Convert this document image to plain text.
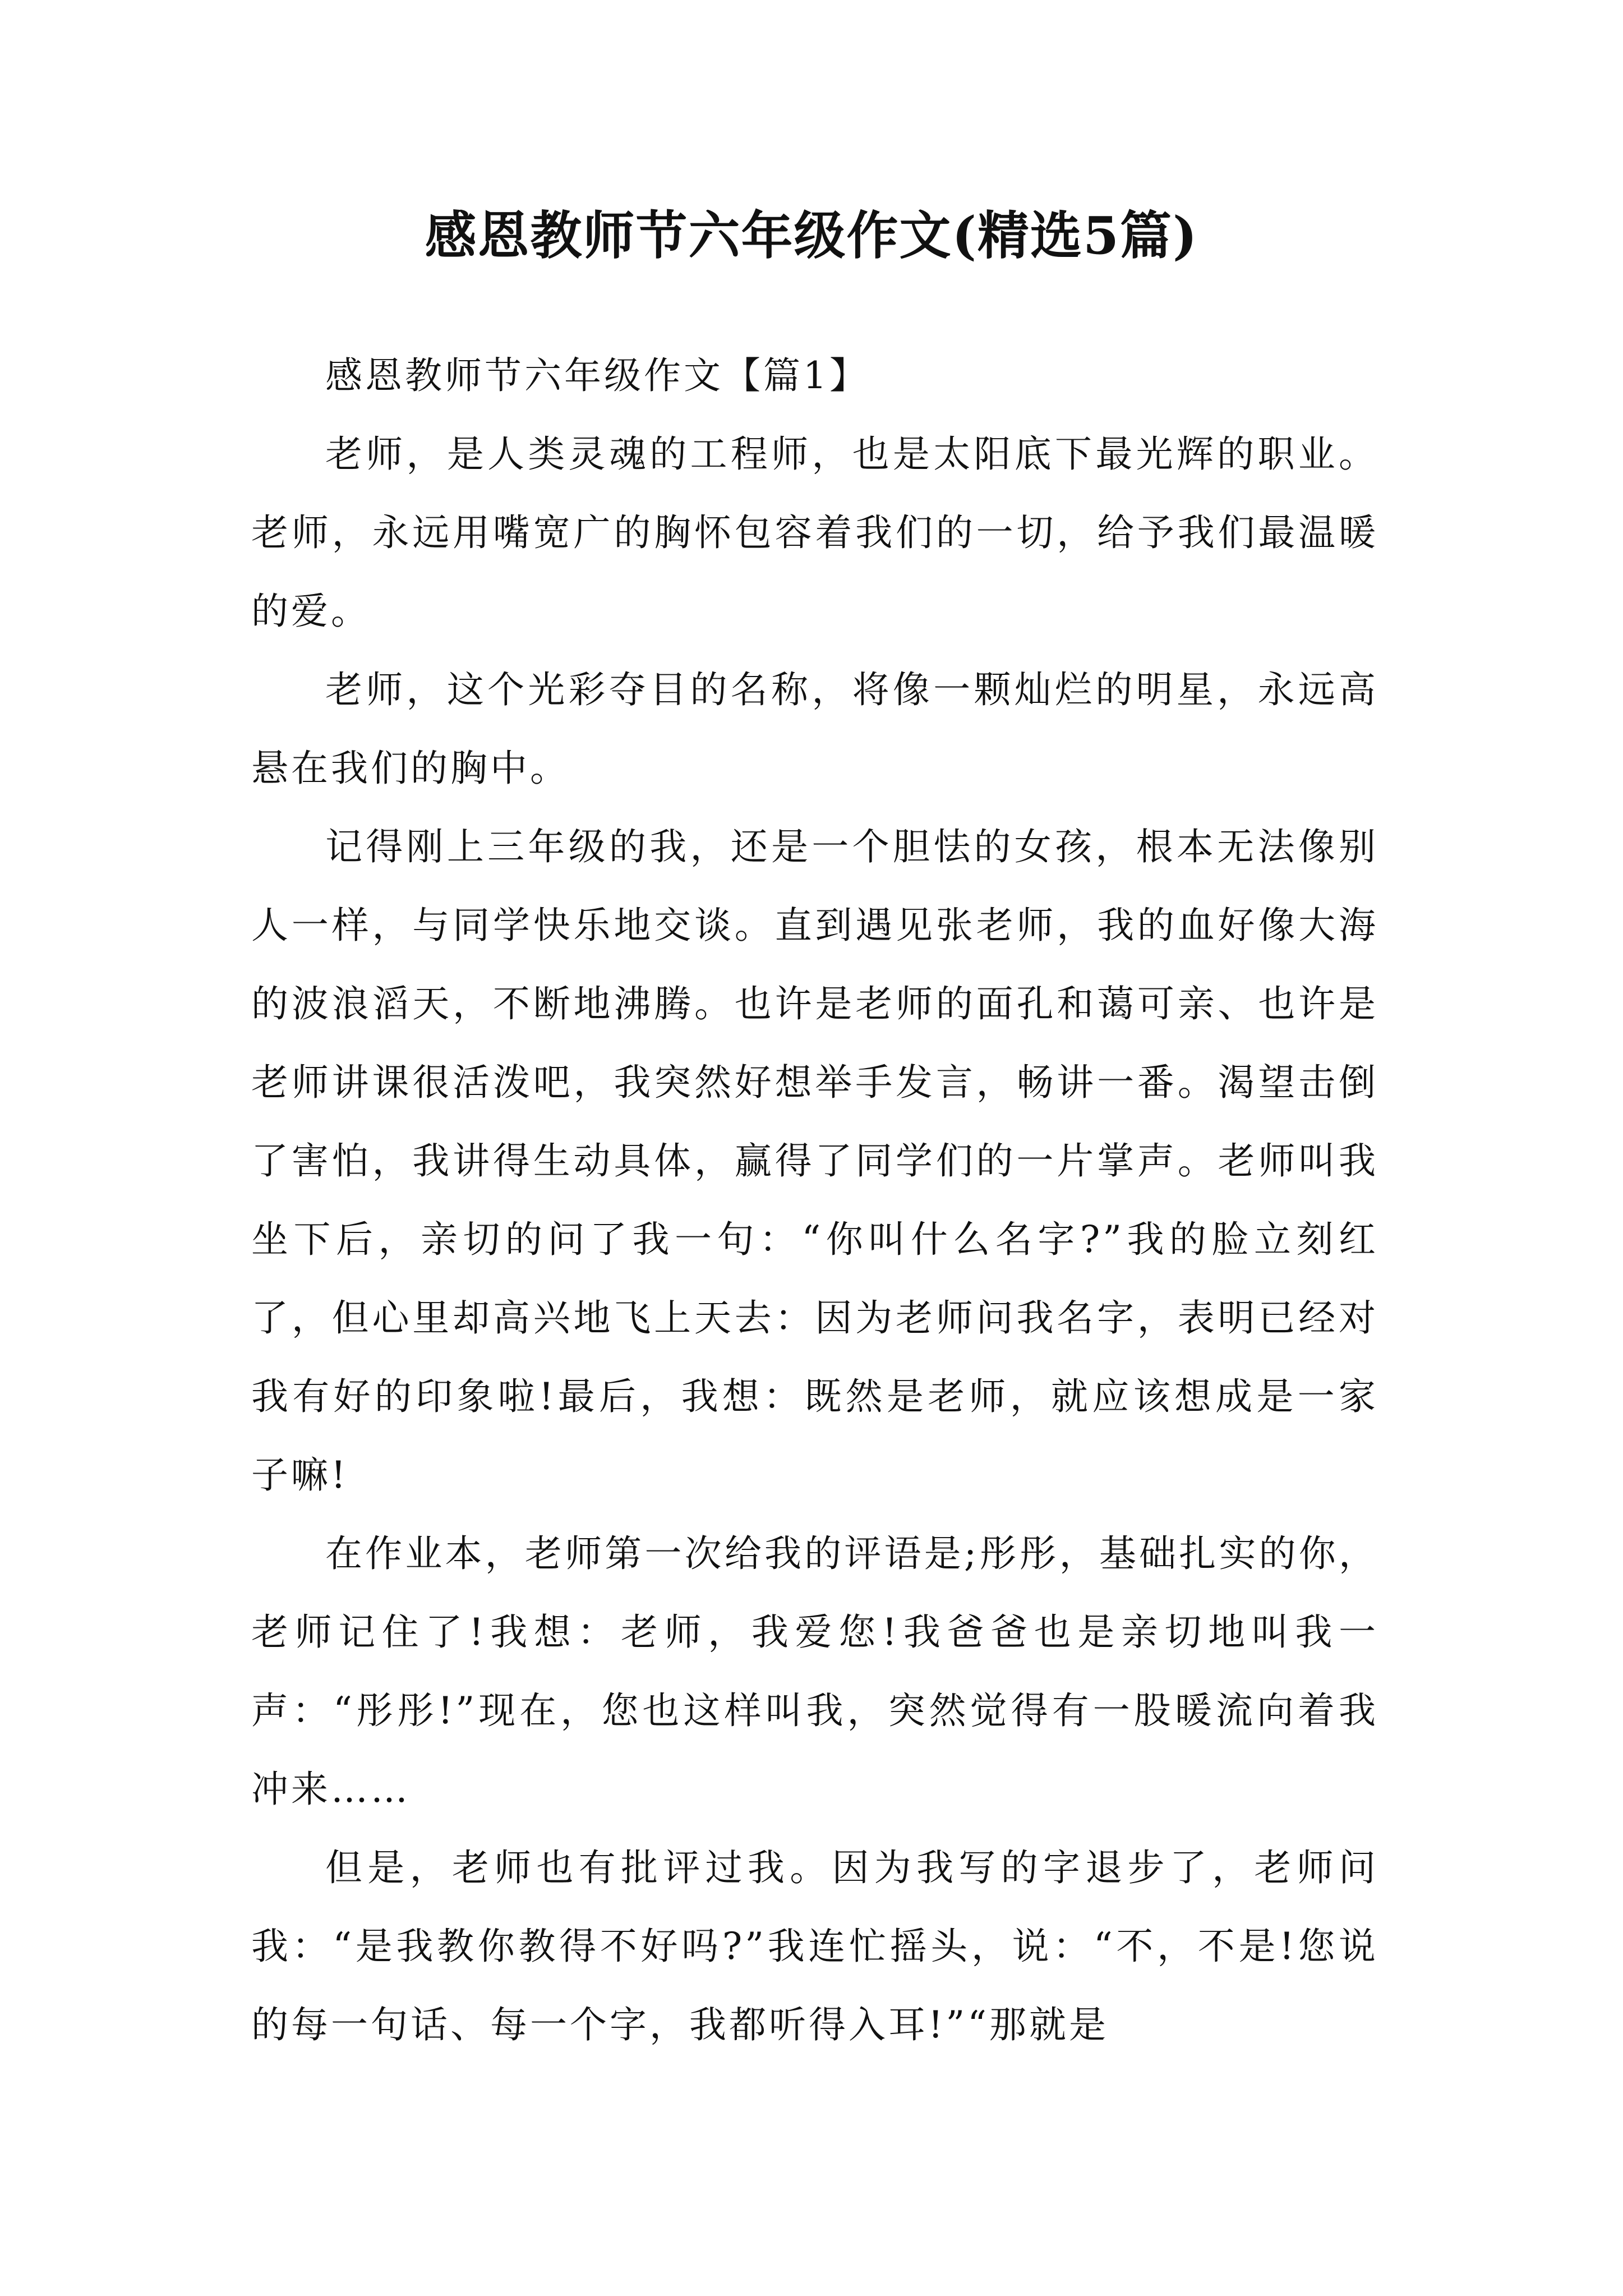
感恩教师节六年级作文(精选5篇)

感恩教师节六年级作文【篇1】

老师，是人类灵魂的工程师，也是太阳底下最光辉的职业。老师，永远用嘴宽广的胸怀包容着我们的一切，给予我们最温暖的爱。

老师，这个光彩夺目的名称，将像一颗灿烂的明星，永远高悬在我们的胸中。

记得刚上三年级的我，还是一个胆怯的女孩，根本无法像别人一样，与同学快乐地交谈。直到遇见张老师，我的血好像大海的波浪滔天，不断地沸腾。也许是老师的面孔和蔼可亲、也许是老师讲课很活泼吧，我突然好想举手发言，畅讲一番。渴望击倒了害怕，我讲得生动具体，赢得了同学们的一片掌声。老师叫我坐下后，亲切的问了我一句：“你叫什么名字?”我的脸立刻红了，但心里却高兴地飞上天去：因为老师问我名字，表明已经对我有好的印象啦!最后，我想：既然是老师，就应该想成是一家子嘛!

在作业本，老师第一次给我的评语是;彤彤，基础扎实的你，老师记住了!我想：老师，我爱您!我爸爸也是亲切地叫我一声：“彤彤!”现在，您也这样叫我，突然觉得有一股暖流向着我冲来……

但是，老师也有批评过我。因为我写的字退步了，老师问我：“是我教你教得不好吗?”我连忙摇头，说：“不，不是!您说的每一句话、每一个字，我都听得入耳!”“那就是
